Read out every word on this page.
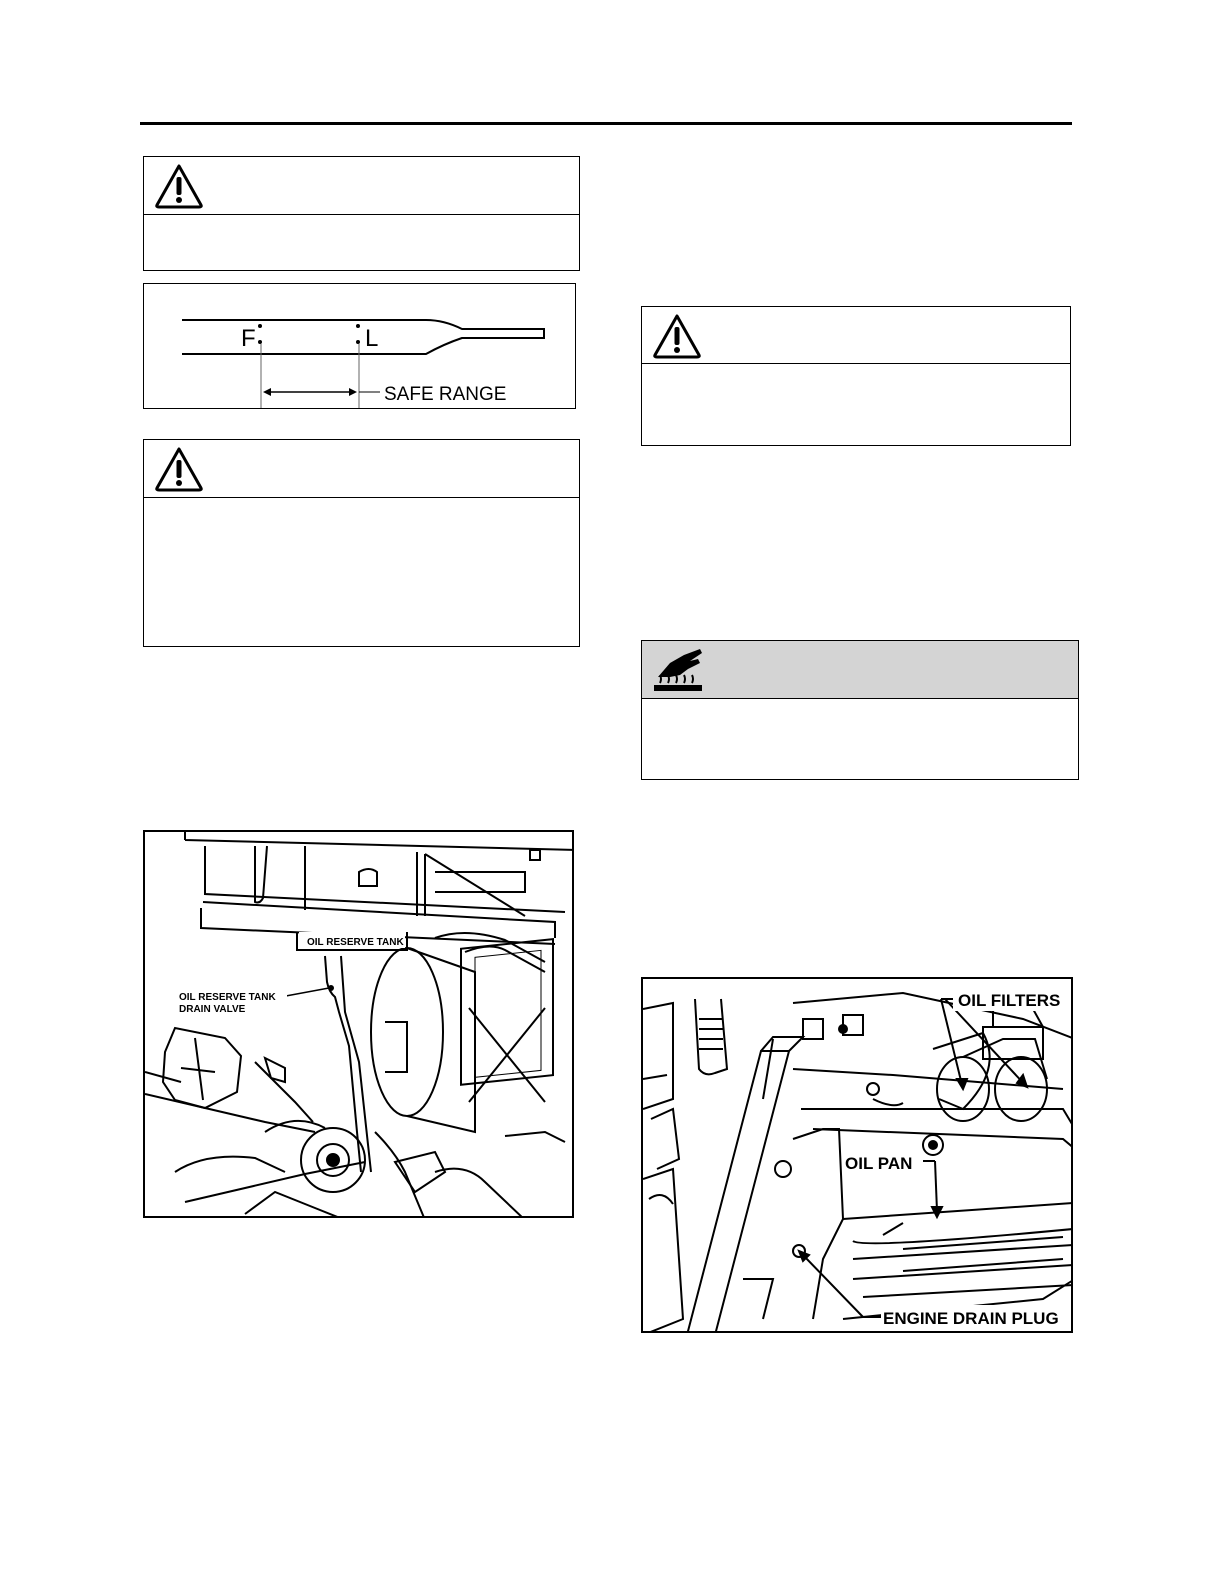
F	L
SAFE RANGE
OIL RESERVE TANK
OIL RESERVE TANK
DRAIN VALVE	OIL FILTERS
OIL PAN
ENGINE DRAIN PLUG
